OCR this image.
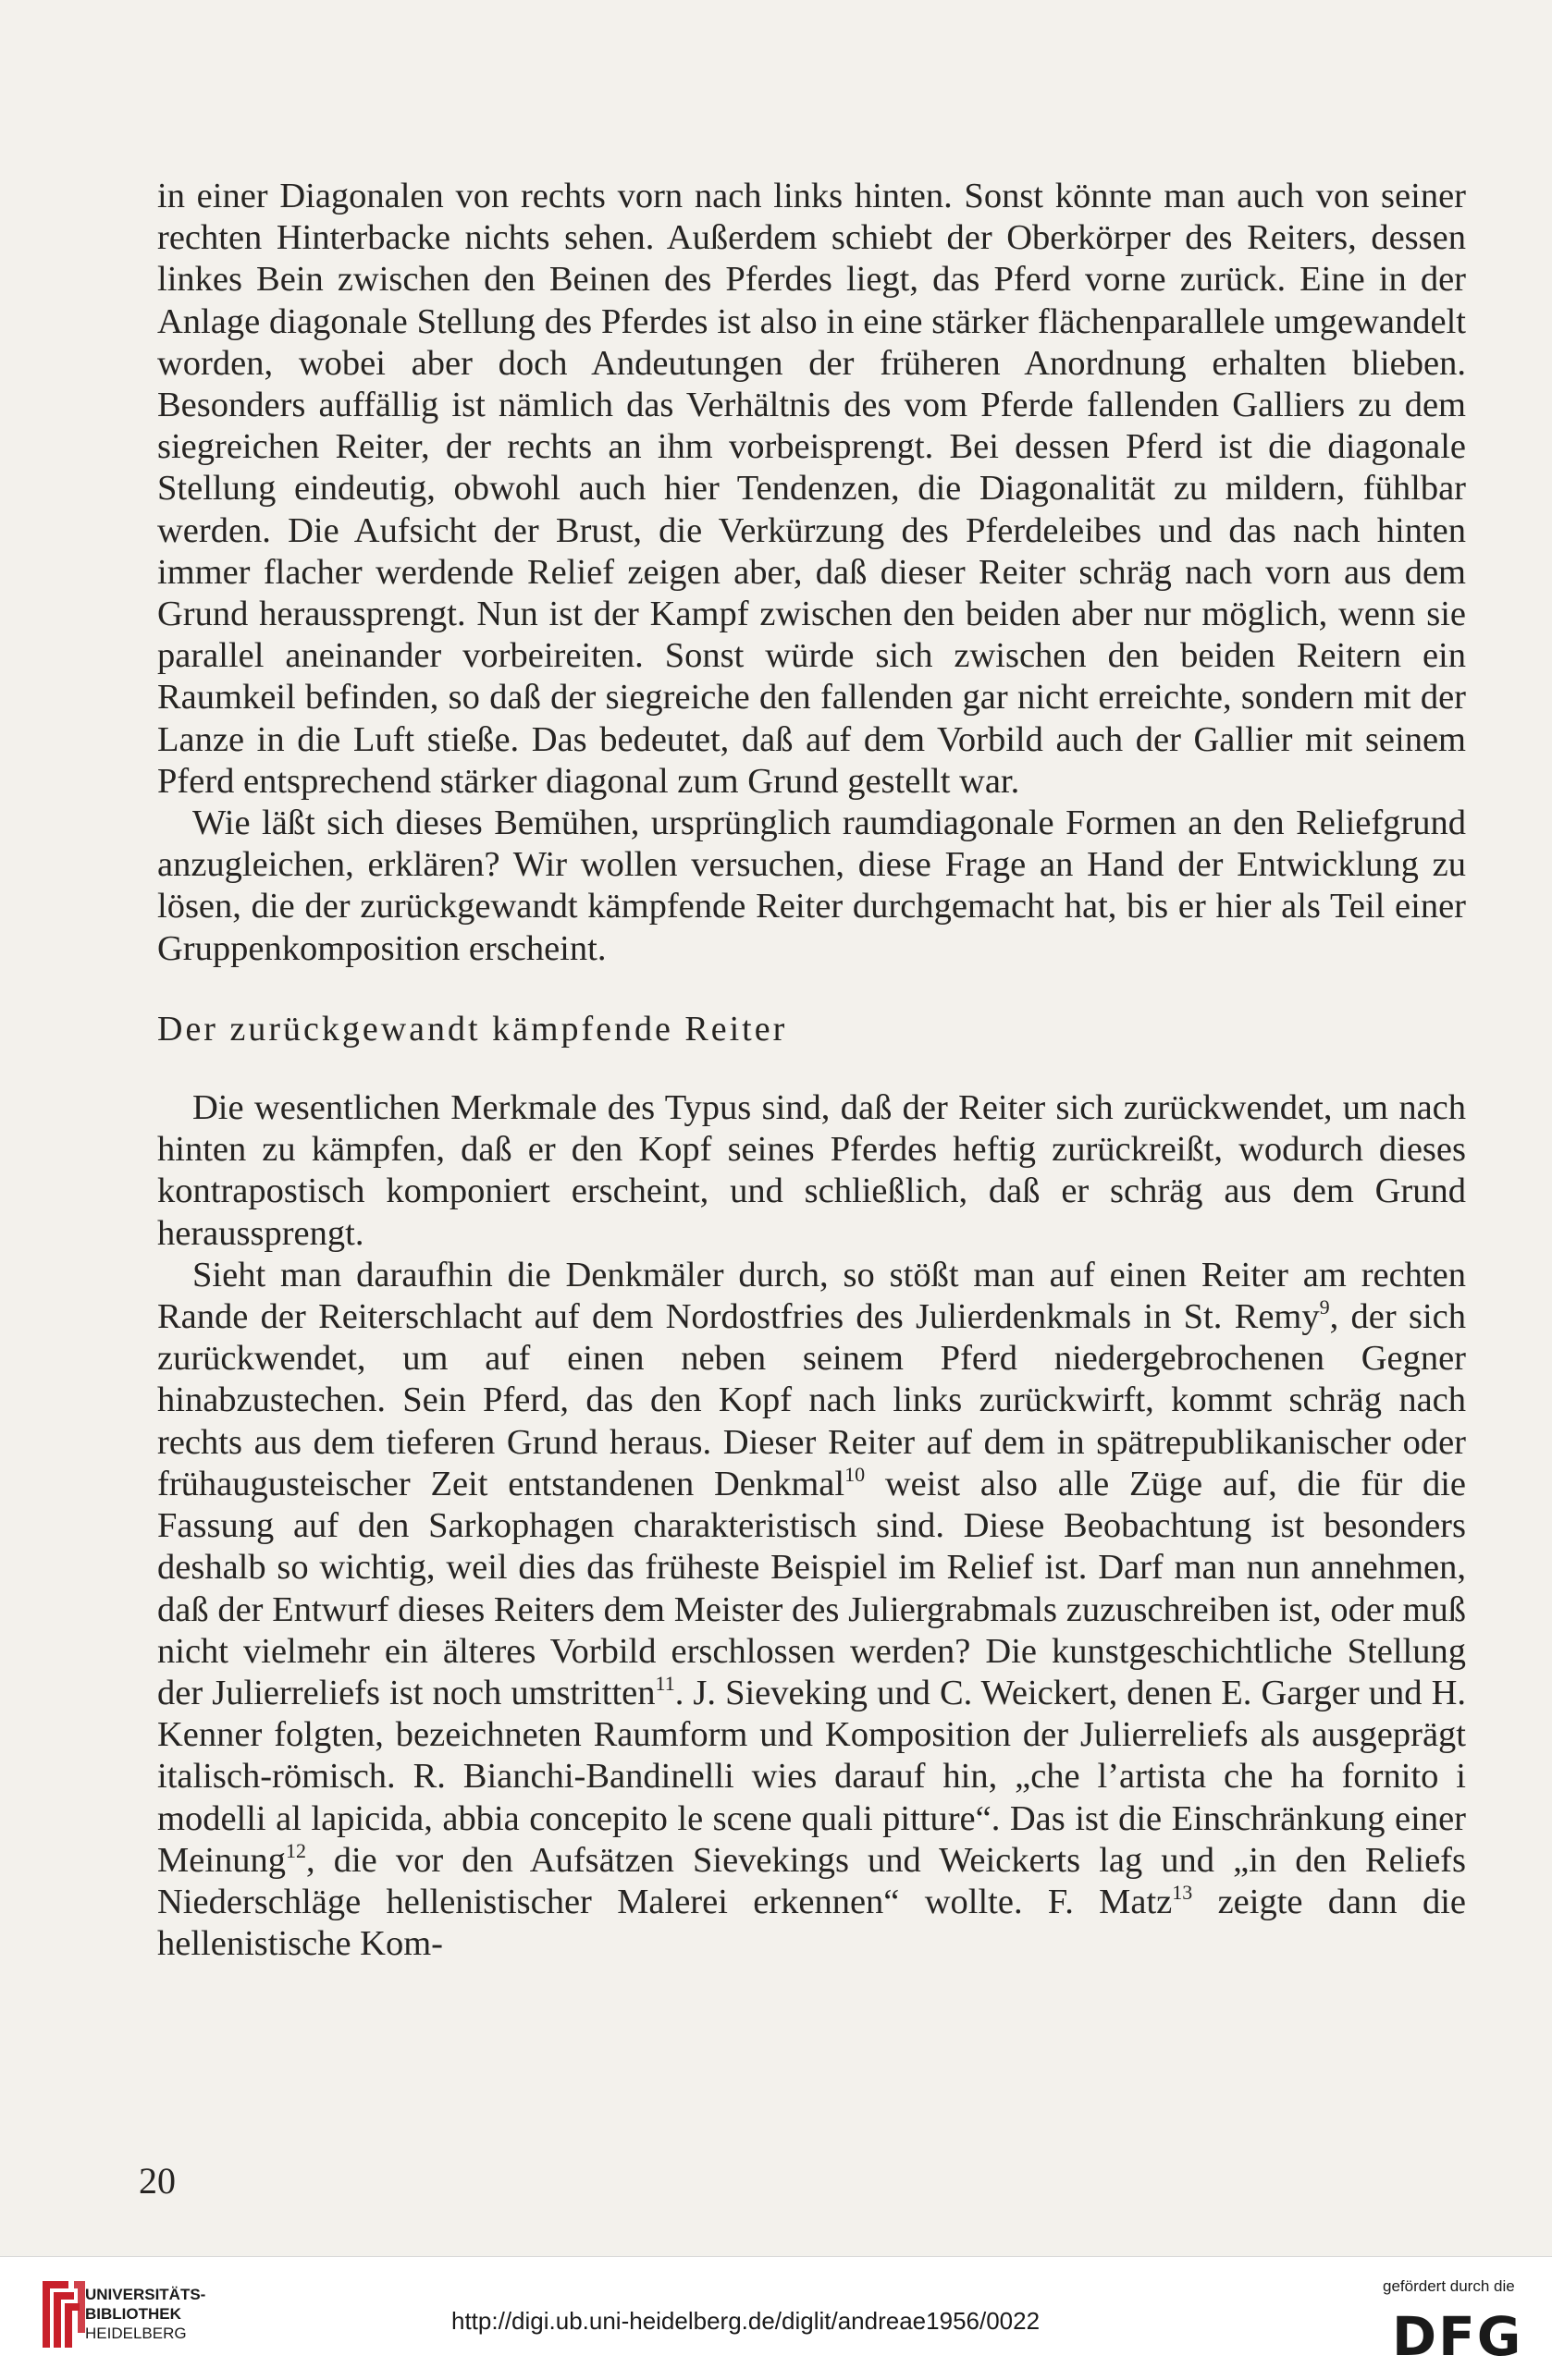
in einer Diagonalen von rechts vorn nach links hinten. Sonst könnte man auch von seiner rechten Hinterbacke nichts sehen. Außerdem schiebt der Oberkörper des Reiters, dessen linkes Bein zwischen den Beinen des Pferdes liegt, das Pferd vorne zurück. Eine in der Anlage diagonale Stellung des Pferdes ist also in eine stärker flächenparallele umgewandelt worden, wobei aber doch Andeutungen der früheren Anordnung erhalten blieben. Besonders auffällig ist nämlich das Verhältnis des vom Pferde fallenden Galliers zu dem siegreichen Reiter, der rechts an ihm vorbeisprengt. Bei dessen Pferd ist die diagonale Stellung eindeutig, obwohl auch hier Tendenzen, die Diagonalität zu mildern, fühlbar werden. Die Aufsicht der Brust, die Verkürzung des Pferdeleibes und das nach hinten immer flacher werdende Relief zeigen aber, daß dieser Reiter schräg nach vorn aus dem Grund heraussprengt. Nun ist der Kampf zwischen den beiden aber nur möglich, wenn sie parallel aneinander vorbeireiten. Sonst würde sich zwischen den beiden Reitern ein Raumkeil befinden, so daß der siegreiche den fallenden gar nicht erreichte, sondern mit der Lanze in die Luft stieße. Das bedeutet, daß auf dem Vorbild auch der Gallier mit seinem Pferd entsprechend stärker diagonal zum Grund gestellt war.

Wie läßt sich dieses Bemühen, ursprünglich raumdiagonale Formen an den Reliefgrund anzugleichen, erklären? Wir wollen versuchen, diese Frage an Hand der Entwicklung zu lösen, die der zurückgewandt kämpfende Reiter durchgemacht hat, bis er hier als Teil einer Gruppenkomposition erscheint.

Der zurückgewandt kämpfende Reiter

Die wesentlichen Merkmale des Typus sind, daß der Reiter sich zurückwendet, um nach hinten zu kämpfen, daß er den Kopf seines Pferdes heftig zurückreißt, wodurch dieses kontrapostisch komponiert erscheint, und schließlich, daß er schräg aus dem Grund heraussprengt.

Sieht man daraufhin die Denkmäler durch, so stößt man auf einen Reiter am rechten Rande der Reiterschlacht auf dem Nordostfries des Julierdenkmals in St. Remy$^9$, der sich zurückwendet, um auf einen neben seinem Pferd niedergebrochenen Gegner hinabzustechen. Sein Pferd, das den Kopf nach links zurückwirft, kommt schräg nach rechts aus dem tieferen Grund heraus. Dieser Reiter auf dem in spätrepublikanischer oder frühaugusteischer Zeit entstandenen Denkmal$^{10}$ weist also alle Züge auf, die für die Fassung auf den Sarkophagen charakteristisch sind. Diese Beobachtung ist besonders deshalb so wichtig, weil dies das früheste Beispiel im Relief ist. Darf man nun annehmen, daß der Entwurf dieses Reiters dem Meister des Juliergrabmals zuzuschreiben ist, oder muß nicht vielmehr ein älteres Vorbild erschlossen werden? Die kunstgeschichtliche Stellung der Julierreliefs ist noch umstritten$^{11}$. J. Sieveking und C. Weickert, denen E. Garger und H. Kenner folgten, bezeichneten Raumform und Komposition der Julierreliefs als ausgeprägt italisch-römisch. R. Bianchi-Bandinelli wies darauf hin, „che l’artista che ha fornito i modelli al lapicida, abbia concepito le scene quali pitture“. Das ist die Einschränkung einer Meinung$^{12}$, die vor den Aufsätzen Sievekings und Weickerts lag und „in den Reliefs Niederschläge hellenistischer Malerei erkennen“ wollte. F. Matz$^{13}$ zeigte dann die hellenistische Kom-

20
UNIVERSITÄTS-
BIBLIOTHEK
HEIDELBERG	http://digi.ub.uni-heidelberg.de/diglit/andreae1956/0022
gefördert durch die
DFG
